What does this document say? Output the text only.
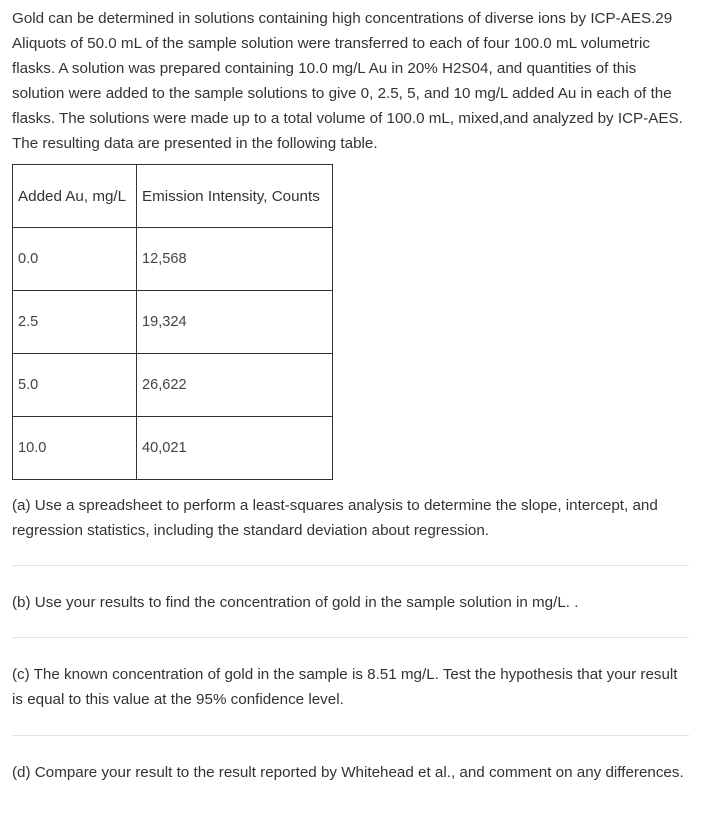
Gold can be determined in solutions containing high concentrations of diverse ions by ICP-AES.29 Aliquots of 50.0 mL of the sample solution were transferred to each of four 100.0 mL volumetric flasks. A solution was prepared containing 10.0 mg/L Au in 20% H2S04, and quantities of this solution were added to the sample solutions to give 0, 2.5, 5, and 10 mg/L added Au in each of the flasks. The solutions were made up to a total volume of 100.0 mL, mixed,and analyzed by ICP-AES. The resulting data are presented in the following table.

Added Au, mg/L	Emission Intensity, Counts
0.0	12,568
2.5	19,324
5.0	26,622
10.0	40,021

(a) Use a spreadsheet to perform a least-squares analysis to determine the slope, intercept, and regression statistics, including the standard deviation about regression.

(b) Use your results to find the concentration of gold in the sample solution in mg/L. .

(c) The known concentration of gold in the sample is 8.51 mg/L. Test the hypothesis that your result is equal to this value at the 95% confidence level.

(d) Compare your result to the result reported by Whitehead et al., and comment on any differences.
